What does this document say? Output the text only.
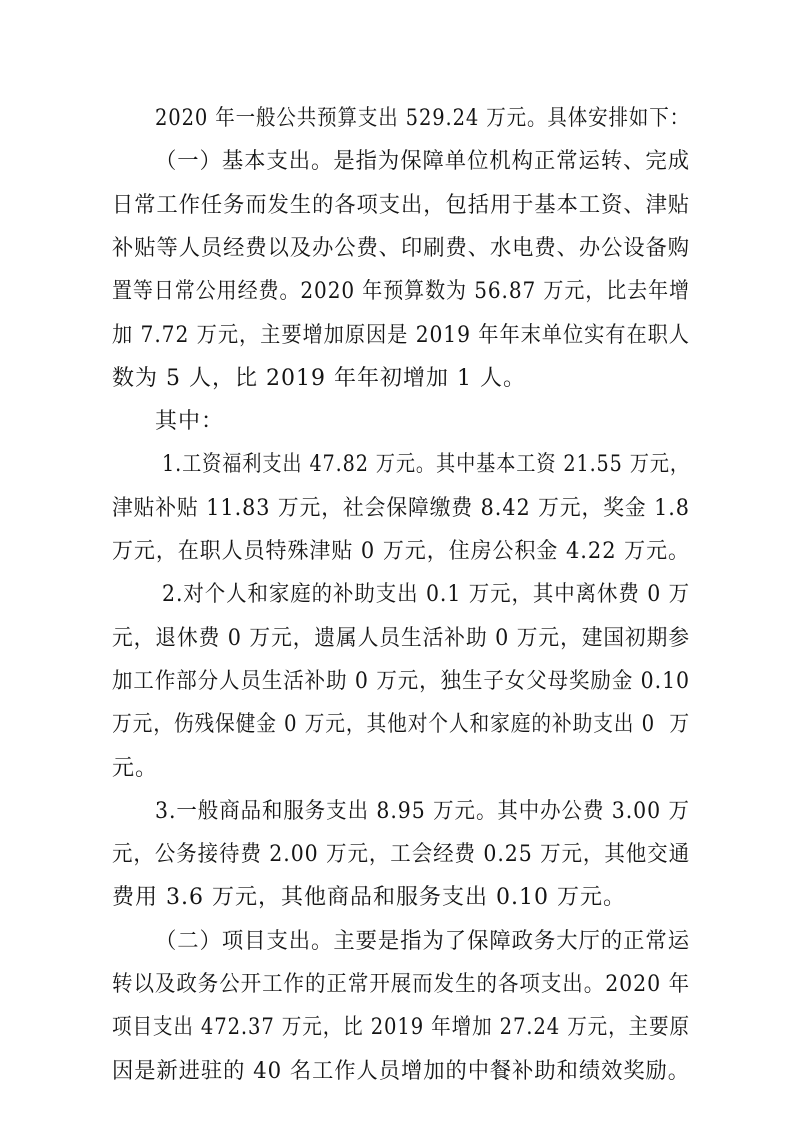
2020 年一般公共预算支出 529.24 万元。具体安排如下：
（一）基本支出。是指为保障单位机构正常运转、完成
日常工作任务而发生的各项支出，包括用于基本工资、津贴
补贴等人员经费以及办公费、印刷费、水电费、办公设备购
置等日常公用经费。2020 年预算数为 56.87 万元，比去年增
加 7.72 万元，主要增加原因是 2019 年年末单位实有在职人
数为 5 人，比 2019 年年初增加 1 人。
其中：
1.工资福利支出 47.82 万元。其中基本工资 21.55 万元，
津贴补贴 11.83 万元，社会保障缴费 8.42 万元，奖金 1.8
万元，在职人员特殊津贴 0 万元，住房公积金 4.22 万元。
2.对个人和家庭的补助支出 0.1 万元，其中离休费 0 万
元，退休费 0 万元，遗属人员生活补助 0 万元，建国初期参
加工作部分人员生活补助 0 万元，独生子女父母奖励金 0.10
万元，伤残保健金 0 万元，其他对个人和家庭的补助支出 0  万
元。
3.一般商品和服务支出 8.95 万元。其中办公费 3.00 万
元，公务接待费 2.00 万元，工会经费 0.25 万元，其他交通
费用 3.6 万元，其他商品和服务支出 0.10 万元。
（二）项目支出。主要是指为了保障政务大厅的正常运
转以及政务公开工作的正常开展而发生的各项支出。2020 年
项目支出 472.37 万元，比 2019 年增加 27.24 万元，主要原
因是新进驻的 40 名工作人员增加的中餐补助和绩效奖励。
